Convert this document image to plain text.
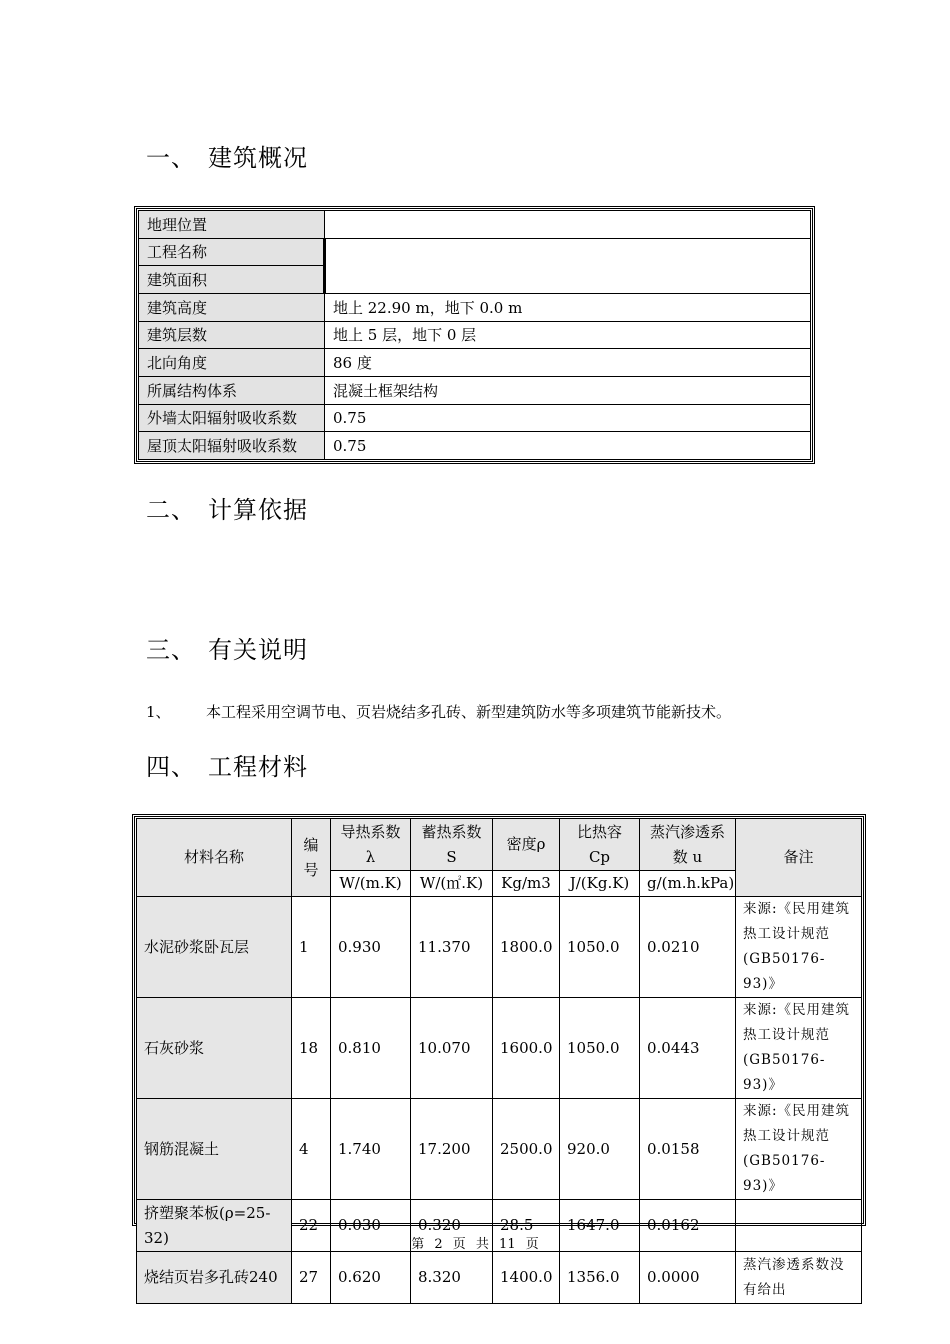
一、 建筑概况
地理位置	
工程名称	
建筑面积	
建筑高度	地上 22.90 m，地下 0.0 m
建筑层数	地上 5 层，地下 0 层
北向角度	86 度
所属结构体系	混凝土框架结构
外墙太阳辐射吸收系数	0.75
屋顶太阳辐射吸收系数	0.75
二、 计算依据
三、 有关说明
1、 本工程采用空调节电、页岩烧结多孔砖、新型建筑防水等多项建筑节能新技术。
四、 工程材料
材料名称	编号	导热系数λ	蓄热系数 S	密度ρ	比热容 Cp	蒸汽渗透系数 u	备注
		W/(m.K)	W/(㎡.K)	Kg/m3	J/(Kg.K)	g/(m.h.kPa)	
水泥砂浆卧瓦层	1	0.930	11.370	1800.0	1050.0	0.0210	来源:《民用建筑热工设计规范(GB50176-93)》
石灰砂浆	18	0.810	10.070	1600.0	1050.0	0.0443	来源:《民用建筑热工设计规范(GB50176-93)》
钢筋混凝土	4	1.740	17.200	2500.0	920.0	0.0158	来源:《民用建筑热工设计规范(GB50176-93)》
挤塑聚苯板(ρ=25-32)	22	0.030	0.320	28.5	1647.0	0.0162	
烧结页岩多孔砖240	27	0.620	8.320	1400.0	1356.0	0.0000	蒸汽渗透系数没有给出
第 2 页 共 11 页
